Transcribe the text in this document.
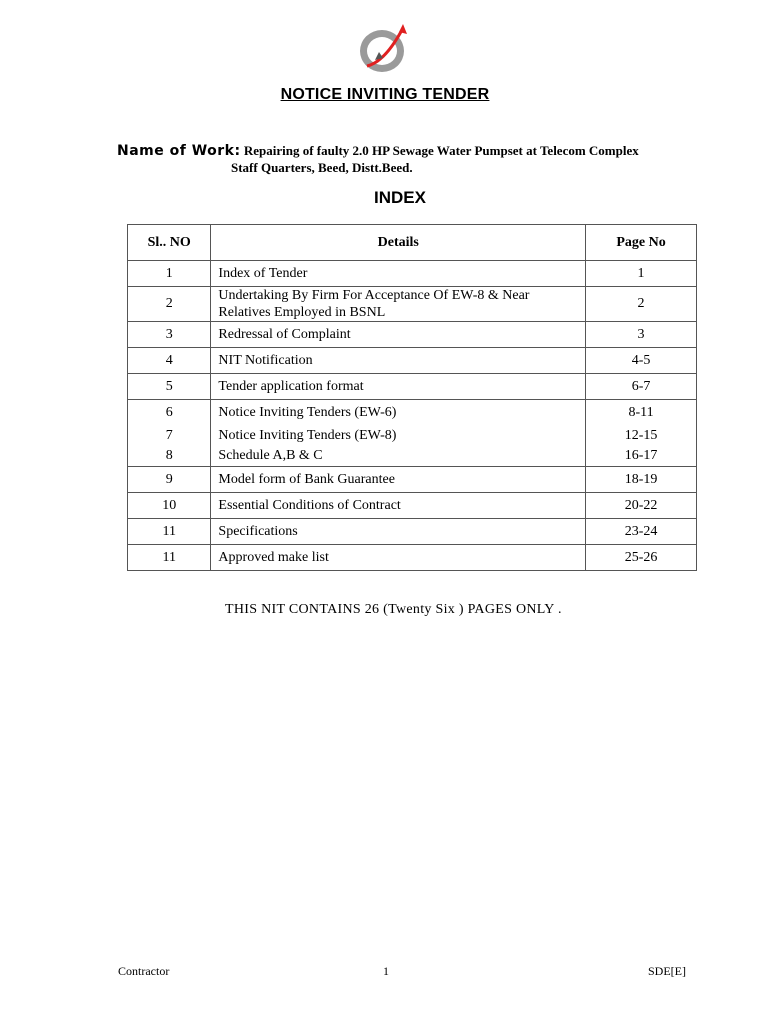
NOTICE INVITING TENDER
Name of Work: Repairing of faulty 2.0 HP Sewage Water Pumpset at Telecom Complex
Staff Quarters, Beed, Distt.Beed.
INDEX
Sl.. NO	Details	Page No
1	Index of Tender	1
2	Undertaking By Firm For Acceptance Of EW-8 & Near
Relatives Employed in BSNL	2
3	Redressal of Complaint	3
4	NIT Notification	4-5
5	Tender application format	6-7
6	Notice Inviting Tenders (EW-6)	8-11
7	Notice Inviting Tenders (EW-8)	12-15
8	Schedule A,B & C	16-17
9	Model form of Bank Guarantee	18-19
10	Essential Conditions of Contract	20-22
11	Specifications	23-24
11	Approved make list	25-26
THIS NIT CONTAINS 26 (Twenty Six ) PAGES ONLY .
Contractor	1	SDE[E]
